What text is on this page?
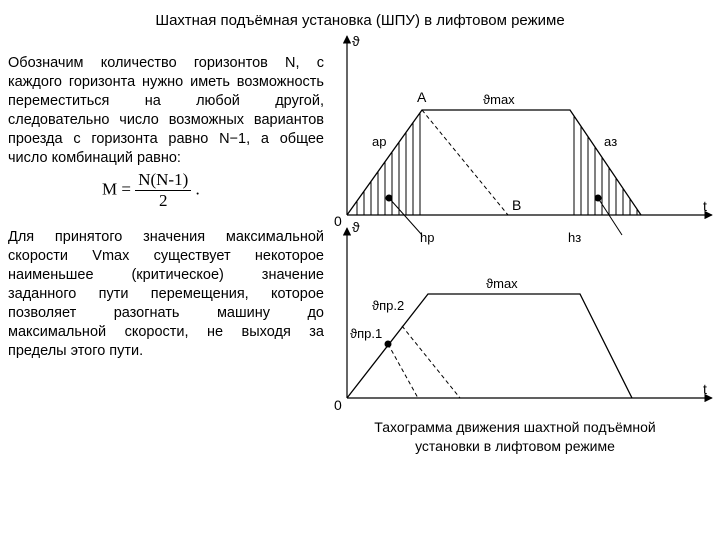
Шахтная подъёмная установка (ШПУ) в лифтовом режиме
Обозначим количество горизонтов N, с каждого горизонта нужно иметь возможность переместиться на любой другой, следовательно число возможных вариантов проезда с горизонта равно N−1, а общее число комбинаций равно:
$M = \frac{N(N-1)}{2}$ .
Для принятого значения максимальной скорости Vmax существует некоторое наименьшее (критическое) значение заданного пути перемещения, которое позволяет разогнать машину до максимальной скорости, не выходя за пределы этого пути.
ϑ
t
0
A
B
ϑmax
aр	aз
hр	hз
ϑ
t
0
ϑmax
ϑпр.2
ϑпр.1
Тахограмма движения шахтной подъёмной установки в лифтовом режиме
